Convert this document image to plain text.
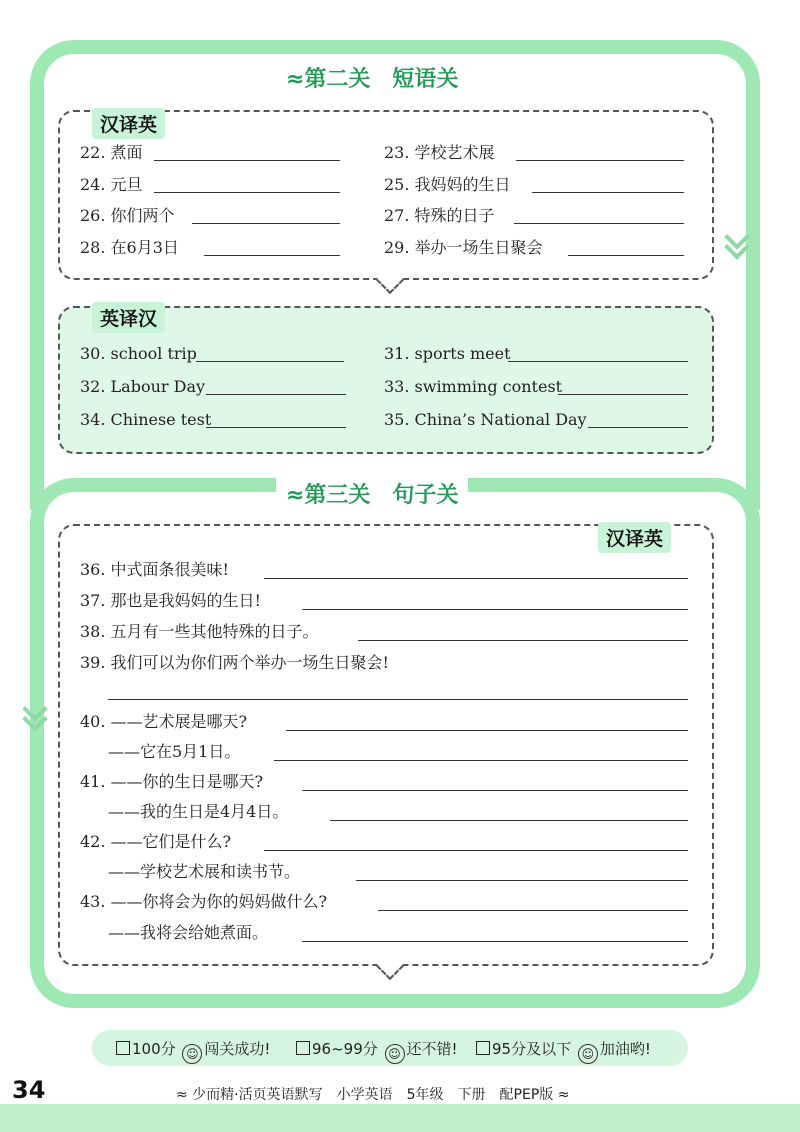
≈第二关　短语关
汉译英
22. 煮面	23. 学校艺术展
24. 元旦	25. 我妈妈的生日
26. 你们两个	27. 特殊的日子
28. 在6月3日	29. 举办一场生日聚会
英译汉
30. school trip	31. sports meet
32. Labour Day	33. swimming contest
34. Chinese test	35. China’s National Day
≈第三关　句子关
汉译英
36. 中式面条很美味!
37. 那也是我妈妈的生日!
38. 五月有一些其他特殊的日子。
39. 我们可以为你们两个举办一场生日聚会!
40. ——艺术展是哪天?
——它在5月1日。
41. ——你的生日是哪天?
——我的生日是4月4日。
42. ——它们是什么?
——学校艺术展和读书节。
43. ——你将会为你的妈妈做什么?
——我将会给她煮面。
100分 ☺ 闯关成功!	96~99分 ☺ 还不错!	95分及以下 ☺ 加油哟!
34	≈ 少而精·活页英语默写　小学英语　5年级　下册　配PEP版 ≈
